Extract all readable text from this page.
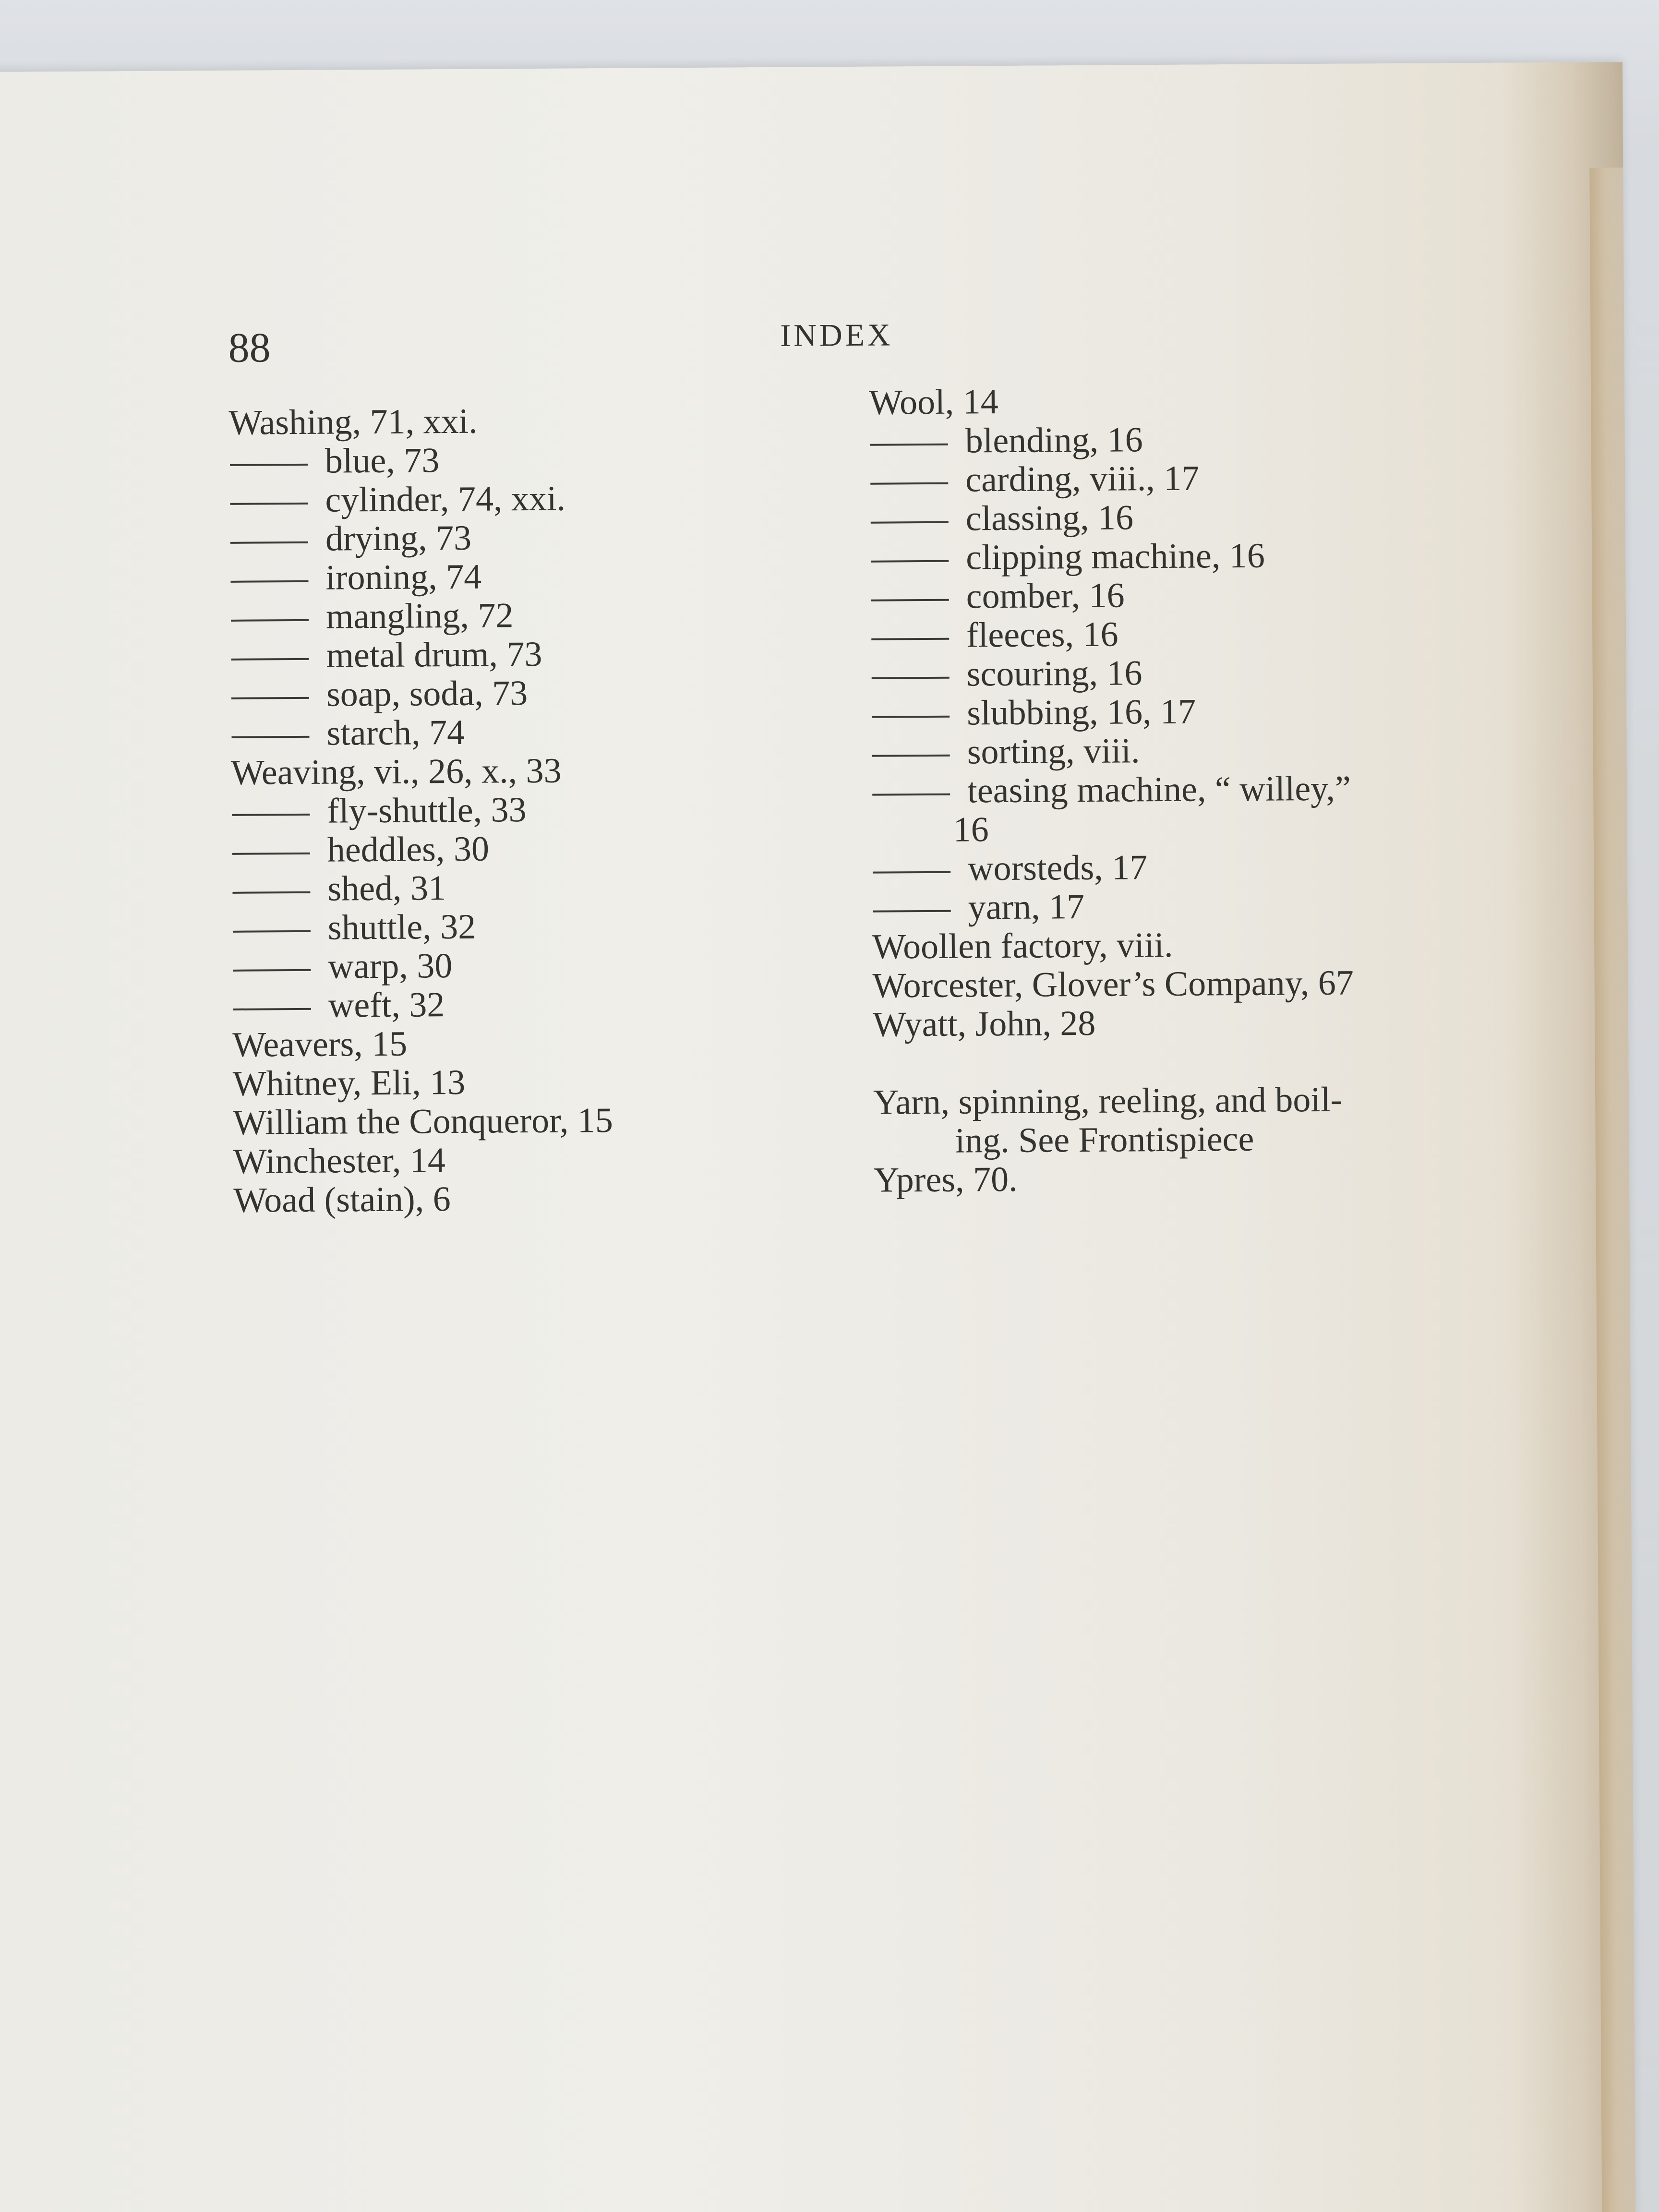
88	INDEX
Washing, 71, xxi.
blue, 73
cylinder, 74, xxi.
drying, 73
ironing, 74
mangling, 72
metal drum, 73
soap, soda, 73
starch, 74
Weaving, vi., 26, x., 33
fly-shuttle, 33
heddles, 30
shed, 31
shuttle, 32
warp, 30
weft, 32
Weavers, 15
Whitney, Eli, 13
William the Conqueror, 15
Winchester, 14
Woad (stain), 6
Wool, 14
blending, 16
carding, viii., 17
classing, 16
clipping machine, 16
comber, 16
fleeces, 16
scouring, 16
slubbing, 16, 17
sorting, viii.
teasing machine, “ willey,”
16
worsteds, 17
yarn, 17
Woollen factory, viii.
Worcester, Glover’s Company, 67
Wyatt, John, 28
Yarn, spinning, reeling, and boil-
ing. See Frontispiece
Ypres, 70.
